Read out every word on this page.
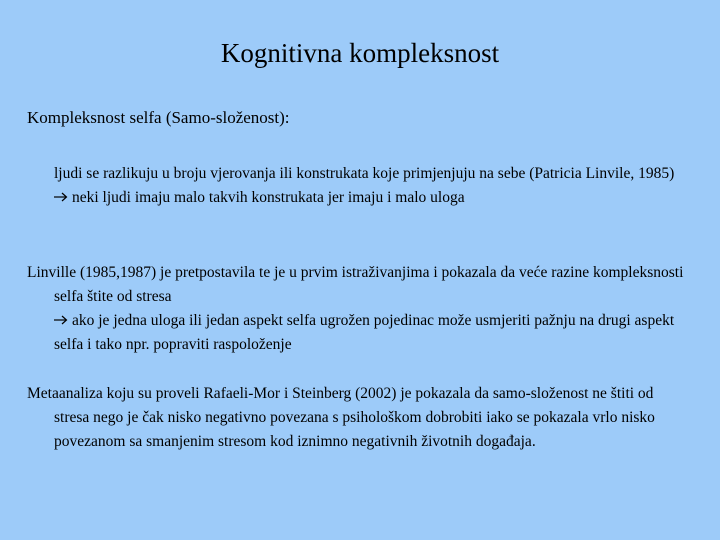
Kognitivna kompleksnost
Kompleksnost selfa (Samo-složenost):
ljudi se razlikuju u broju vjerovanja ili konstrukata koje primjenjuju na sebe (Patricia Linvile, 1985)
neki ljudi imaju malo takvih konstrukata jer imaju i malo uloga
Linville (1985,1987) je pretpostavila te je u prvim istraživanjima i pokazala da veće razine kompleksnosti selfa štite od stresa
ako je jedna uloga ili jedan aspekt selfa ugrožen pojedinac može usmjeriti pažnju na drugi aspekt selfa i tako npr. popraviti raspoloženje
Metaanaliza koju su proveli Rafaeli-Mor i Steinberg (2002) je pokazala da samo-složenost ne štiti od stresa nego je čak nisko negativno povezana s psihološkom dobrobiti iako se pokazala vrlo nisko povezanom sa smanjenim stresom kod iznimno negativnih životnih događaja.
